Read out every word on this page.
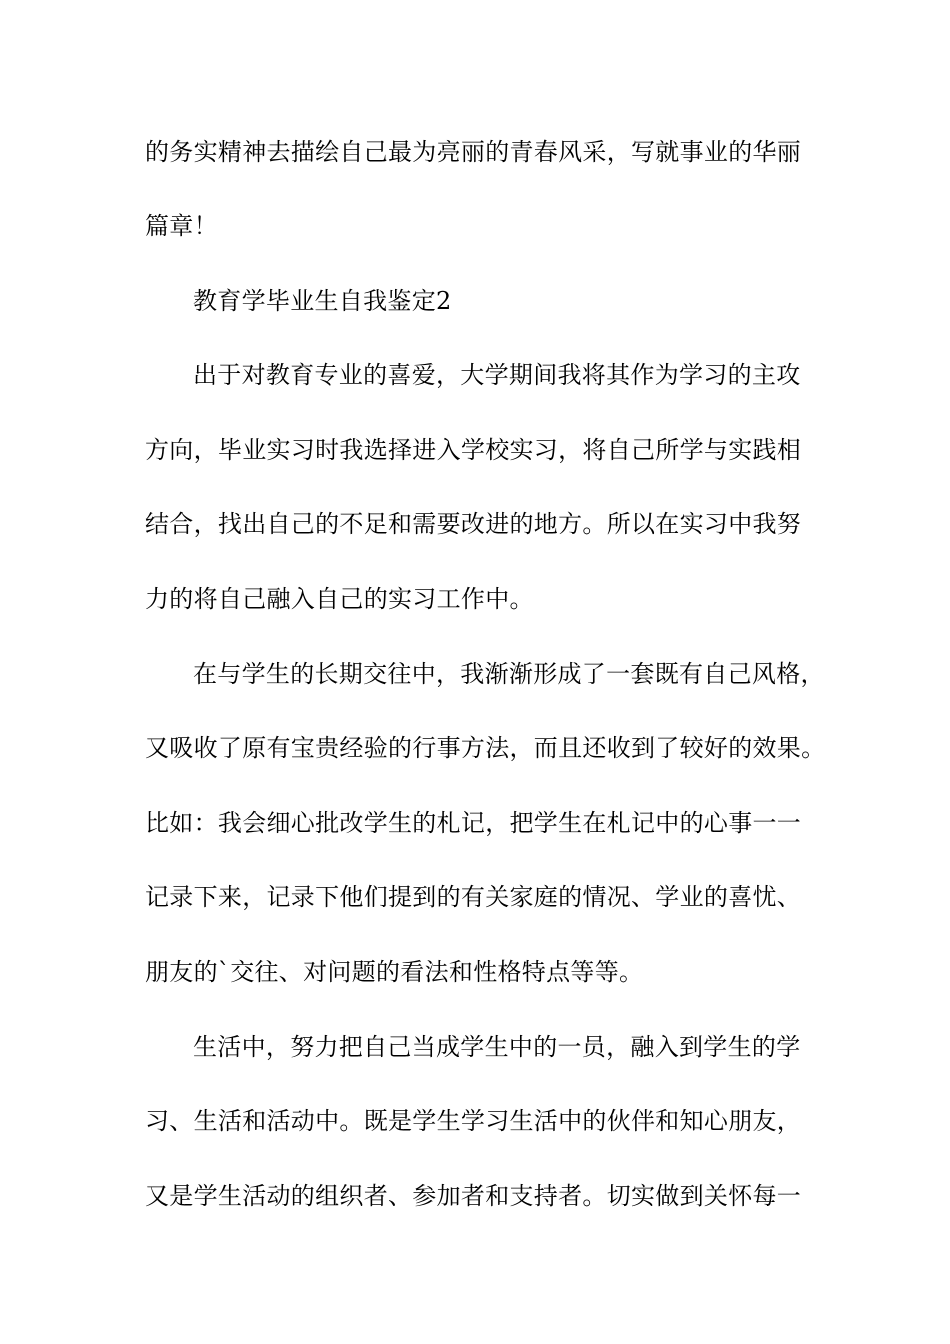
的务实精神去描绘自己最为亮丽的青春风采，写就事业的华丽
篇章！
教育学毕业生自我鉴定2
出于对教育专业的喜爱，大学期间我将其作为学习的主攻
方向，毕业实习时我选择进入学校实习，将自己所学与实践相
结合，找出自己的不足和需要改进的地方。所以在实习中我努
力的将自己融入自己的实习工作中。
在与学生的长期交往中，我渐渐形成了一套既有自己风格，
又吸收了原有宝贵经验的行事方法，而且还收到了较好的效果。
比如：我会细心批改学生的札记，把学生在札记中的心事一一
记录下来，记录下他们提到的有关家庭的情况、学业的喜忧、
朋友的`交往、对问题的看法和性格特点等等。
生活中，努力把自己当成学生中的一员，融入到学生的学
习、生活和活动中。既是学生学习生活中的伙伴和知心朋友，
又是学生活动的组织者、参加者和支持者。切实做到关怀每一
